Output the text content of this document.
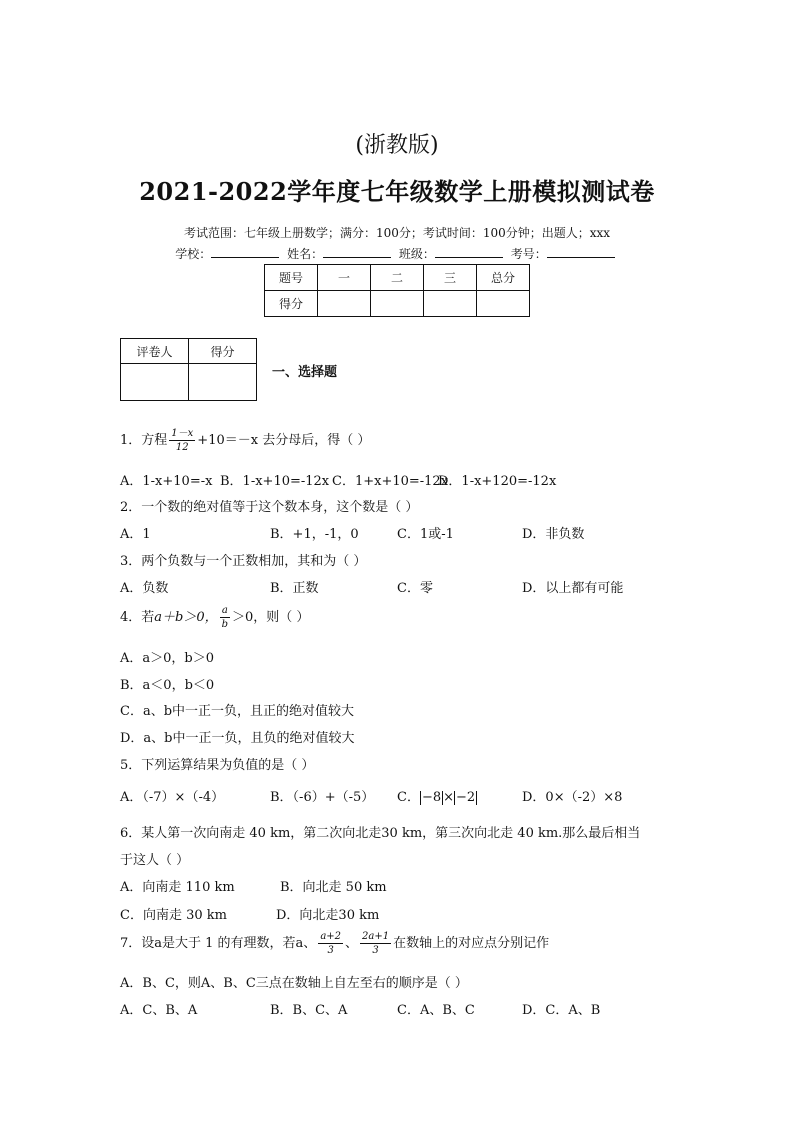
(浙教版)
2021-2022学年度七年级数学上册模拟测试卷
考试范围：七年级上册数学；满分：100分；考试时间：100分钟；出题人；xxx
学校：	姓名：	班级：	考号：
题号	一	二	三	总分
得分				
评卷人	得分

一、选择题
1．方程 $\frac{1-x}{12} +10=-x$ 去分母后，得（ ）
A．1-x+10=-x B．1-x+10=-12x C．1+x+10=-12x
D．1-x+120=-12x
2．一个数的绝对值等于这个数本身，这个数是（ ）
A．1	B．+1，-1，0	C．1或-1	D．非负数
3．两个负数与一个正数相加，其和为（ ）
A．负数	B．正数	C．零	D．以上都有可能
4．若a＋b＞0， $\frac{a}{b} >0$，则（ ）
A．a＞0，b＞0
B．a＜0，b＜0
C．a、b中一正一负，且正的绝对值较大
D．a、b中一正一负，且负的绝对值较大
5．下列运算结果为负值的是（ ）
A．（-7）×（-4）	B．（-6）+（-5） C． −8 × −2	D．0×（-2）×8
6．某人第一次向南走 40 km，第二次向北走30 km，第三次向北走 40 km.那么最后相当
于这人（ ）
A．向南走 110 km	B．向北走 50 km
C．向南走 30 km	D．向北走30 km
7．设a是大于 1 的有理数，若a、 $\frac{a+2}{3}$ 、 $\frac{2a+1}{3}$ 在数轴上的对应点分别记作
A．B、C，则A、B、C三点在数轴上自左至右的顺序是（ ）
A．C、B、A	B．B、C、A	C．A、B、C	D．C．A、B
